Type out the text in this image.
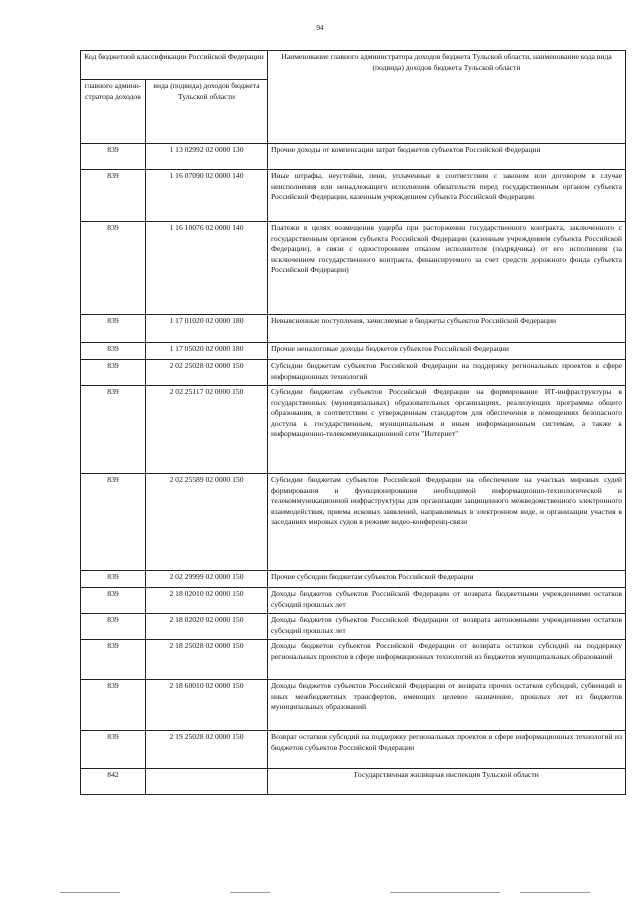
94
Код бюджетной классификации Российской Федерации		Наименование главного администратора доходов бюджета Тульской области, наименование кода вида (подвида) доходов бюджета Тульской области
главного админи-стратора доходов	вида (подвида) доходов бюджета Тульской области	
839	1 13 02992 02 0000 130	Прочие доходы от компенсации затрат бюджетов субъектов Российской Федерации
839	1 16 07090 02 0000 140	Иные штрафы, неустойки, пени, уплаченные в соответствии с законом или договором в случае неисполнения или ненадлежащего исполнения обязательств перед государственным органом субъекта Российской Федерации, казенным учреждением субъекта Российской Федерации
839	1 16 10076 02 0000 140	Платежи в целях возмещения ущерба при расторжении государственного контракта, заключенного с государственным органом субъекта Российской Федерации (казенным учреждением субъекта Российской Федерации), в связи с односторонним отказом исполнителя (подрядчика) от его исполнения (за исключением государственного контракта, финансируемого за счет средств дорожного фонда субъекта Российской Федерации)
839	1 17 01020 02 0000 180	Невыясненные поступления, зачисляемые в бюджеты субъектов Российской Федерации
839	1 17 05020 02 0000 180	Прочие неналоговые доходы бюджетов субъектов Российской Федерации
839	2 02 25028 02 0000 150	Субсидии бюджетам субъектов Российской Федерации на поддержку региональных проектов в сфере информационных технологий
839	2 02 25117 02 0000 150	Субсидии бюджетам субъектов Российской Федерации на формирование ИТ-инфраструктуры в государственных (муниципальных) образовательных организациях, реализующих программы общего образования, в соответствии с утвержденным стандартом для обеспечения в помещениях безопасного доступа к государственным, муниципальным и иным информационным системам, а также к информационно-телекоммуникационной сети "Интернет"
839	2 02 25589 02 0000 150	Субсидии бюджетам субъектов Российской Федерации на обеспечение на участках мировых судей формирования и функционирования необходимой информационно-технологической и телекоммуникационной инфраструктуры для организации защищенного межведомственного электронного взаимодействия, приема исковых заявлений, направляемых в электронном виде, и организации участия в заседаниях мировых судов в режиме видео-конференц-связи
839	2 02 29999 02 0000 150	Прочие субсидии бюджетам субъектов Российской Федерации
839	2 18 02010 02 0000 150	Доходы бюджетов субъектов Российской Федерации от возврата бюджетными учреждениями остатков субсидий прошлых лет
839	2 18 02020 02 0000 150	Доходы бюджетов субъектов Российской Федерации от возврата автономными учреждениями остатков субсидий прошлых лет
839	2 18 25028 02 0000 150	Доходы бюджетов субъектов Российской Федерации от возврата остатков субсидий на поддержку региональных проектов в сфере информационных технологий из бюджетов муниципальных образований
839	2 18 60010 02 0000 150	Доходы бюджетов субъектов Российской Федерации от возврата прочих остатков субсидий, субвенций и иных межбюджетных трансфертов, имеющих целевое назначение, прошлых лет из бюджетов муниципальных образований
839	2 19 25028 02 0000 150	Возврат остатков субсидий на поддержку региональных проектов в сфере информационных технологий из бюджетов субъектов Российской Федерации
842		Государственная жилищная инспекция Тульской области
